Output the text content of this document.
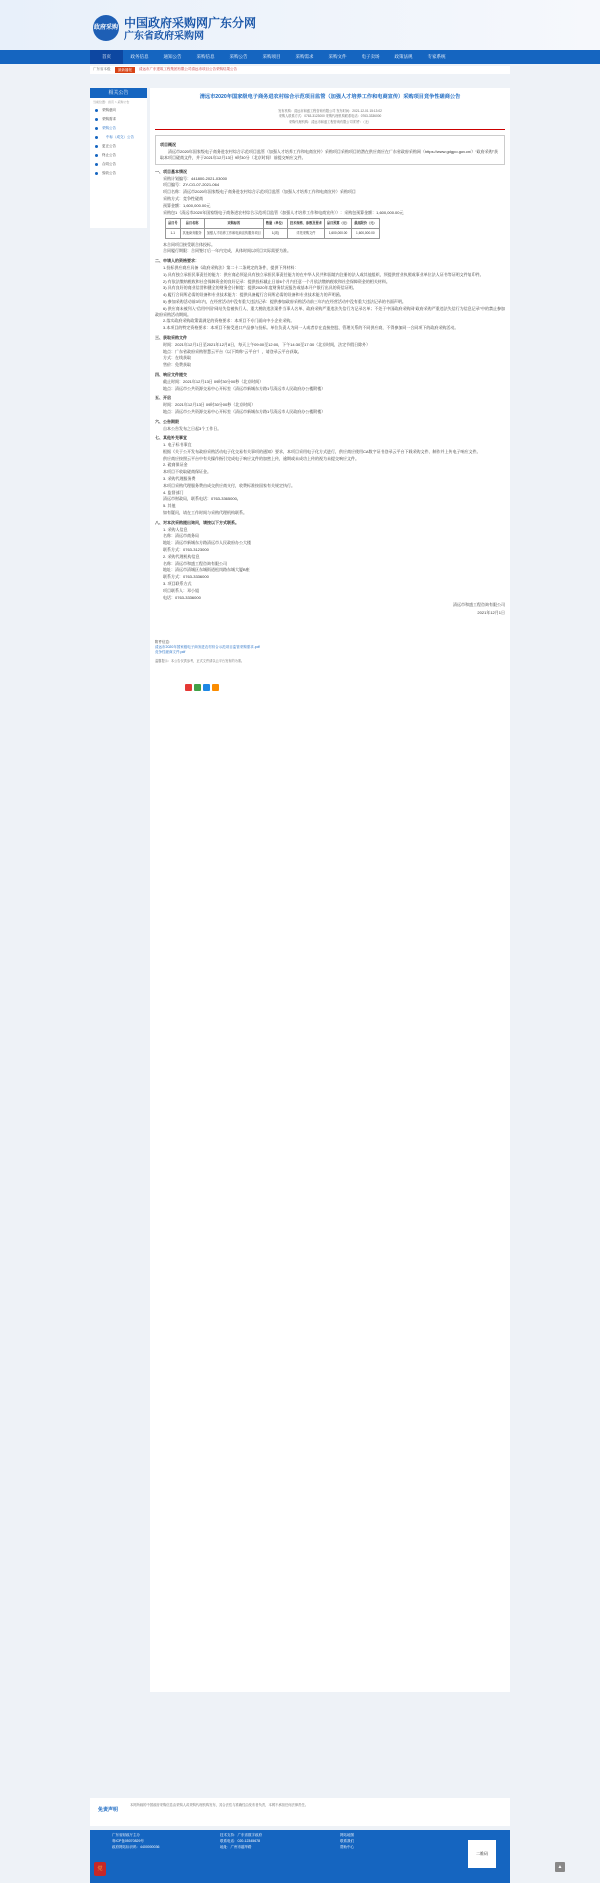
政府采购 中国政府采购网广东分网
广东省政府采购网
首页	政务信息	通知公告	采购信息	采购公告	采购项目	采购需求	采购文件	电子卖场	政策法规	专家系统
广东省本级	最新播报	清远市广东建筑工程集团有限公司清远市项目公告采购结果公告
相关公告
当前位置：首页 > 采购公告
采购意向
采购需求
采购公告
中标（成交）公告
更正公告
终止公告
合同公告
验收公告
清远市2020年国家级电子商务进农村综合示范项目监管（加强人才培养工作和电商宣传）采购项目竞争性磋商公告
发布机构：清远市和盛工程咨询有限公司 发布时间：2021-12-01 15:13:02
采购人联系方式：0763-3123000 采购代理机构联系电话：0763-3336000
采购代理机构：清远市和盛工程咨询有限公司 附件：（无）
项目概况
清远市2020年国家级电子商务进农村综合示范项目监管（加强人才培养工作和电商宣传）采购项目采购项目的潜在供应商应在广东省政府采购网（https://www.gdgpo.gov.cn/）“政府采购”获取本项目磋商文件，并于2021年12月13日 9时30分（北京时间）前提交响应文件。
一、项目基本情况
采购计划编号：441800-2021-03000
项目编号：ZY-CG-07-2021-064
项目名称：清远市2020年国家级电子商务进农村综合示范项目监管（加强人才培养工作和电商宣传）采购项目
采购方式：竞争性磋商
预算金额：1,600,000.00元
采购包1（清远市2020年国家级电子商务进农村综合示范项目监管（加强人才培养工作和电商宣传））：采购包预算金额：1,600,000.00元
品目号	品目名称	采购标的	数量（单位）	技术规格、参数及要求	品目预算（元）	最高限价（元）
1-1	其他商务服务	加强人才培养工作和电商宣传服务项目	1(项)	详见采购文件	1,600,000.00	1,600,000.00
本合同项目接受联合体投标。
合同履行期限：合同签订后一年内完成，具体时间以项目实际需要为准。
二、申请人的资格要求：
1.投标供应商应具备《政府采购法》第二十二条规定的条件，提供下列材料：
1) 具有独立承担民事责任的能力：供应商必须是具有独立承担民事责任能力的在中华人民共和国境内注册的法人或其他组织，须提供营业执照或事业单位法人证书等证明文件复印件。
2) 有依法缴纳税收和社会保障资金的良好记录：提供投标截止日前6个月内任意一个月依法缴纳税收和社会保障资金的相关材料。
3) 具有良好的商业信誉和健全的财务会计制度：提供2020年度财务状况报告或基本开户银行出具的资信证明。
4) 履行合同所必需的设备和专业技术能力：提供具备履行合同所必需的设备和专业技术能力的声明函。
5) 参加采购活动前3年内，在经营活动中没有重大违法记录：提供参加政府采购活动前三年内在经营活动中没有重大违法记录的书面声明。
6) 供应商未被列入“信用中国”网站失信被执行人、重大税收违法案件当事人名单、政府采购严重违法失信行为记录名单；不处于中国政府采购网“政府采购严重违法失信行为信息记录”中的禁止参加政府采购活动期间。
2.落实政府采购政策需满足的资格要求：本项目不专门面向中小企业采购。
3.本项目的特定资格要求：本项目不接受进口产品参与投标。单位负责人为同一人或者存在直接控股、管理关系的不同供应商，不得参加同一合同项下的政府采购活动。
三、获取采购文件
时间：2021年12月1日至2021年12月8日，每天上午09:00至12:00，下午14:30至17:30（北京时间，法定节假日除外）
地点：广东省政府采购智慧云平台（以下简称“云平台”），请登录云平台获取。
方式：在线获取
售价：免费获取
四、响应文件提交
截止时间：2021年12月13日 09时30分00秒（北京时间）
地点：清远市公共资源交易中心开标室（清远市新城东方路1号清远市人民政府办公楼附楼）
五、开启
时间：2021年12月13日 09时30分00秒（北京时间）
地点：清远市公共资源交易中心开标室（清远市新城东方路1号清远市人民政府办公楼附楼）
六、公告期限
自本公告发布之日起3个工作日。
七、其他补充事宜
1. 电子标书事宜
根据《关于公开发布政府采购活动电子化交易有关事项的通知》要求，本项目采用电子化方式进行，供应商应使用CA数字证书登录云平台下载采购文件、制作并上传电子响应文件。
供应商应按照云平台中有关操作指引完成电子响应文件的加密上传，逾期或未成功上传的视为未提交响应文件。
2. 磋商保证金
本项目不收取磋商保证金。
3. 采购代理服务费
本项目采购代理服务费由成交供应商支付，收费标准按国家有关规定执行。
4. 监督部门
清远市财政局，联系电话：0763-3365000。
5. 其他
如有疑问，请在工作时间与采购代理机构联系。
八、对本次采购提出询问，请按以下方式联系。
1. 采购人信息
名称：清远市商务局
地址：清远市新城东方路清远市人民政府办公大楼
联系方式：0763-3123000
2. 采购代理机构信息
名称：清远市和盛工程咨询有限公司
地址：清远市清城区东城街道松岗路东城大厦B座
联系方式：0763-3336000
3. 项目联系方式
项目联系人：邓小姐
电话：0763-3336000
清远市和盛工程咨询有限公司
2021年12月1日
附件信息：
清远市2020年国家级电子商务进农村综合示范项目监管采购需求.pdf
竞争性磋商文件.pdf
温馨提示：本公告仅供参考，正式文件请以云平台发布的为准。
免责声明
本网所载的中国政府采购信息由采购人或采购代理机构发布，其合法性与准确性由发布者负责，本网不承担任何法律责任。
广东省财政厅主办
粤ICP备05070829号
政府网站标识码：4400000036
技术支持：广东省数字政府
联系电话：020-12345678
地址：广州市越华路
网站地图
联系我们
帮助中心
党
二维码
▲
